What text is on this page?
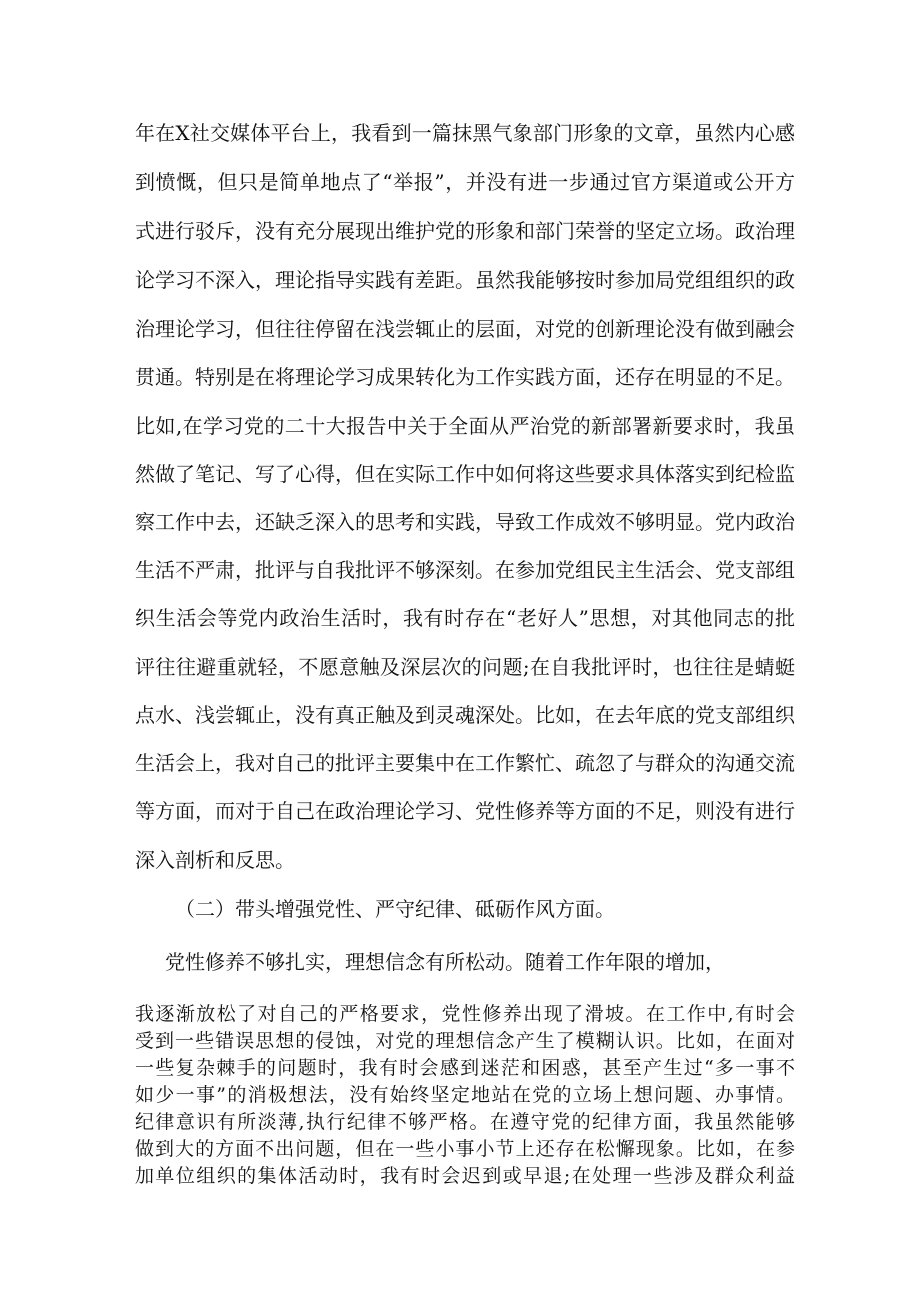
年在X社交媒体平台上，我看到一篇抹黑气象部门形象的文章，虽然内心感
到愤慨，但只是简单地点了“举报”，并没有进一步通过官方渠道或公开方
式进行驳斥，没有充分展现出维护党的形象和部门荣誉的坚定立场。政治理
论学习不深入，理论指导实践有差距。虽然我能够按时参加局党组组织的政
治理论学习，但往往停留在浅尝辄止的层面，对党的创新理论没有做到融会
贯通。特别是在将理论学习成果转化为工作实践方面，还存在明显的不足。
比如,在学习党的二十大报告中关于全面从严治党的新部署新要求时，我虽
然做了笔记、写了心得，但在实际工作中如何将这些要求具体落实到纪检监
察工作中去，还缺乏深入的思考和实践，导致工作成效不够明显。党内政治
生活不严肃，批评与自我批评不够深刻。在参加党组民主生活会、党支部组
织生活会等党内政治生活时，我有时存在“老好人”思想，对其他同志的批
评往往避重就轻，不愿意触及深层次的问题;在自我批评时，也往往是蜻蜓
点水、浅尝辄止，没有真正触及到灵魂深处。比如，在去年底的党支部组织
生活会上，我对自己的批评主要集中在工作繁忙、疏忽了与群众的沟通交流
等方面，而对于自己在政治理论学习、党性修养等方面的不足，则没有进行
深入剖析和反思。
（二）带头增强党性、严守纪律、砥砺作风方面。
党性修养不够扎实，理想信念有所松动。随着工作年限的增加，
我逐渐放松了对自己的严格要求，党性修养出现了滑坡。在工作中,有时会
受到一些错误思想的侵蚀，对党的理想信念产生了模糊认识。比如，在面对
一些复杂棘手的问题时，我有时会感到迷茫和困惑，甚至产生过“多一事不
如少一事”的消极想法，没有始终坚定地站在党的立场上想问题、办事情。
纪律意识有所淡薄,执行纪律不够严格。在遵守党的纪律方面，我虽然能够
做到大的方面不出问题，但在一些小事小节上还存在松懈现象。比如，在参
加单位组织的集体活动时，我有时会迟到或早退;在处理一些涉及群众利益
